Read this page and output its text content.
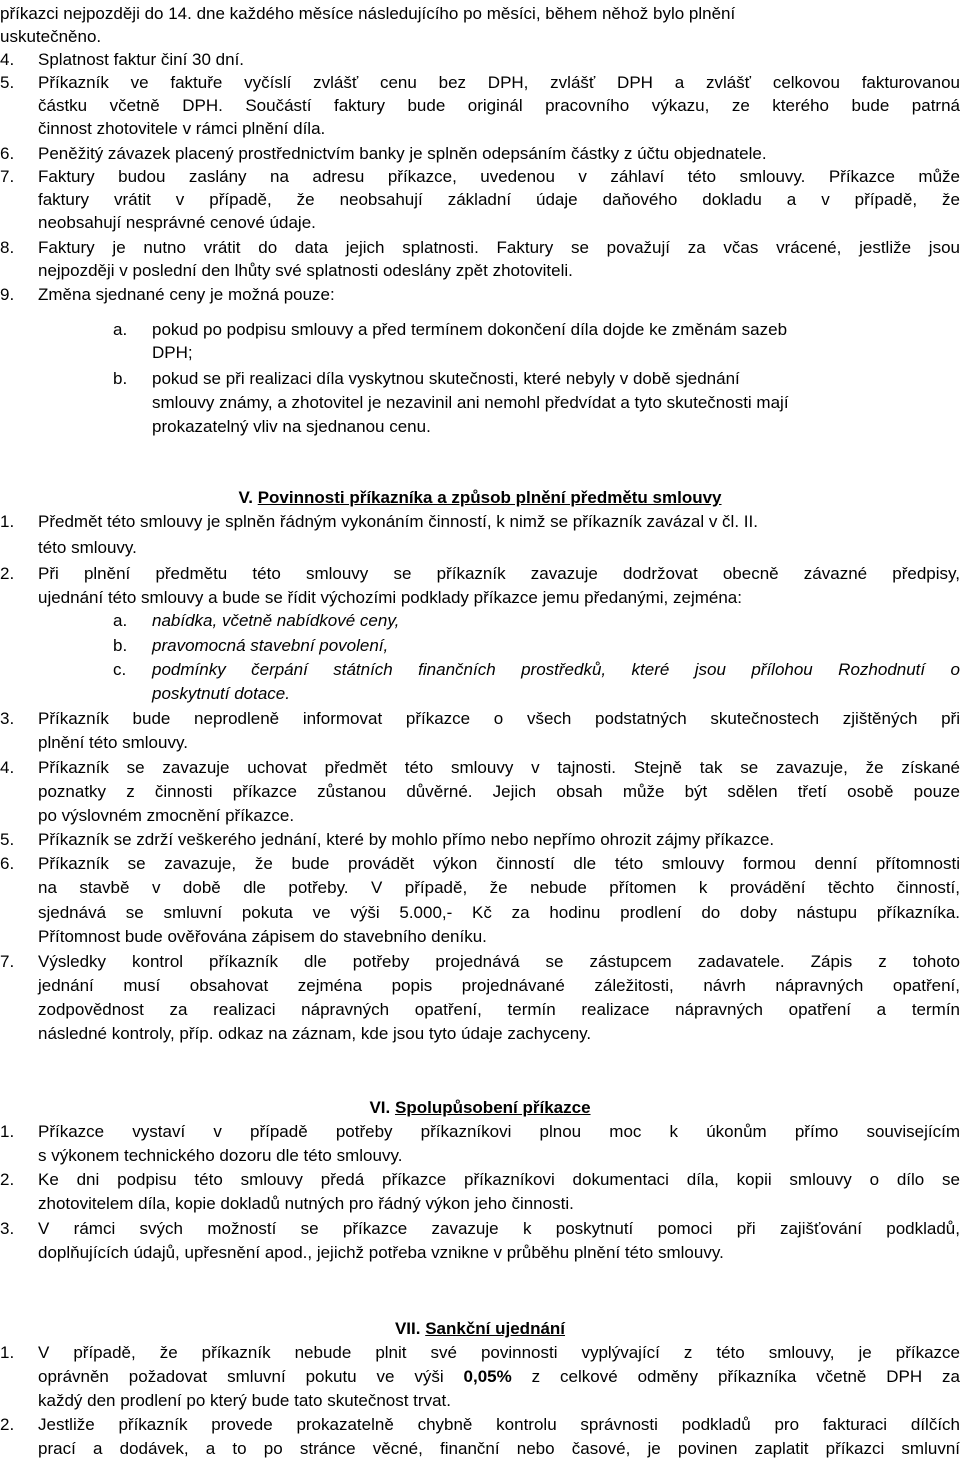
příkazci nejpozději do 14. dne každého měsíce následujícího po měsíci, během něhož bylo plnění
uskutečněno.
4. Splatnost faktur činí 30 dní.
5. Příkazník ve faktuře vyčíslí zvlášť cenu bez DPH, zvlášť DPH a zvlášť celkovou fakturovanou
částku včetně DPH. Součástí faktury bude originál pracovního výkazu, ze kterého bude patrná
činnost zhotovitele v rámci plnění díla.
6. Peněžitý závazek placený prostřednictvím banky je splněn odepsáním částky z účtu objednatele.
7. Faktury budou zaslány na adresu příkazce, uvedenou v záhlaví této smlouvy. Příkazce může
faktury vrátit v případě, že neobsahují základní údaje daňového dokladu a v případě, že
neobsahují nesprávné cenové údaje.
8. Faktury je nutno vrátit do data jejich splatnosti. Faktury se považují za včas vrácené, jestliže jsou
nejpozději v poslední den lhůty své splatnosti odeslány zpět zhotoviteli.
9. Změna sjednané ceny je možná pouze:
a. pokud po podpisu smlouvy a před termínem dokončení díla dojde ke změnám sazeb
DPH;
b. pokud se při realizaci díla vyskytnou skutečnosti, které nebyly v době sjednání
smlouvy známy, a zhotovitel je nezavinil ani nemohl předvídat a tyto skutečnosti mají
prokazatelný vliv na sjednanou cenu.
V. Povinnosti příkazníka a způsob plnění předmětu smlouvy
1. Předmět této smlouvy je splněn řádným vykonáním činností, k nimž se příkazník zavázal v čl. II.
této smlouvy.
2. Při plnění předmětu této smlouvy se příkazník zavazuje dodržovat obecně závazné předpisy,
ujednání této smlouvy a bude se řídit výchozími podklady příkazce jemu předanými, zejména:
a. nabídka, včetně nabídkové ceny,
b. pravomocná stavební povolení,
c. podmínky čerpání státních finančních prostředků, které jsou přílohou Rozhodnutí o
poskytnutí dotace.
3. Příkazník bude neprodleně informovat příkazce o všech podstatných skutečnostech zjištěných při
plnění této smlouvy.
4. Příkazník se zavazuje uchovat předmět této smlouvy v tajnosti. Stejně tak se zavazuje, že získané
poznatky z činnosti příkazce zůstanou důvěrné. Jejich obsah může být sdělen třetí osobě pouze
po výslovném zmocnění příkazce.
5. Příkazník se zdrží veškerého jednání, které by mohlo přímo nebo nepřímo ohrozit zájmy příkazce.
6. Příkazník se zavazuje, že bude provádět výkon činností dle této smlouvy formou denní přítomnosti
na stavbě v době dle potřeby. V případě, že nebude přítomen k provádění těchto činností,
sjednává se smluvní pokuta ve výši 5.000,- Kč za hodinu prodlení do doby nástupu příkazníka.
Přítomnost bude ověřována zápisem do stavebního deníku.
7. Výsledky kontrol příkazník dle potřeby projednává se zástupcem zadavatele. Zápis z tohoto
jednání musí obsahovat zejména popis projednávané záležitosti, návrh nápravných opatření,
zodpovědnost za realizaci nápravných opatření, termín realizace nápravných opatření a termín
následné kontroly, příp. odkaz na záznam, kde jsou tyto údaje zachyceny.
VI. Spolupůsobení příkazce
1. Příkazce vystaví v případě potřeby příkazníkovi plnou moc k úkonům přímo souvisejícím
s výkonem technického dozoru dle této smlouvy.
2. Ke dni podpisu této smlouvy předá příkazce příkazníkovi dokumentaci díla, kopii smlouvy o dílo se
zhotovitelem díla, kopie dokladů nutných pro řádný výkon jeho činnosti.
3. V rámci svých možností se příkazce zavazuje k poskytnutí pomoci při zajišťování podkladů,
doplňujících údajů, upřesnění apod., jejichž potřeba vznikne v průběhu plnění této smlouvy.
VII. Sankční ujednání
1. V případě, že příkazník nebude plnit své povinnosti vyplývající z této smlouvy, je příkazce
oprávněn požadovat smluvní pokutu ve výši 0,05% z celkové odměny příkazníka včetně DPH za
každý den prodlení po který bude tato skutečnost trvat.
2. Jestliže příkazník provede prokazatelně chybně kontrolu správnosti podkladů pro fakturaci dílčích
prací a dodávek, a to po stránce věcné, finanční nebo časové, je povinen zaplatit příkazci smluvní
